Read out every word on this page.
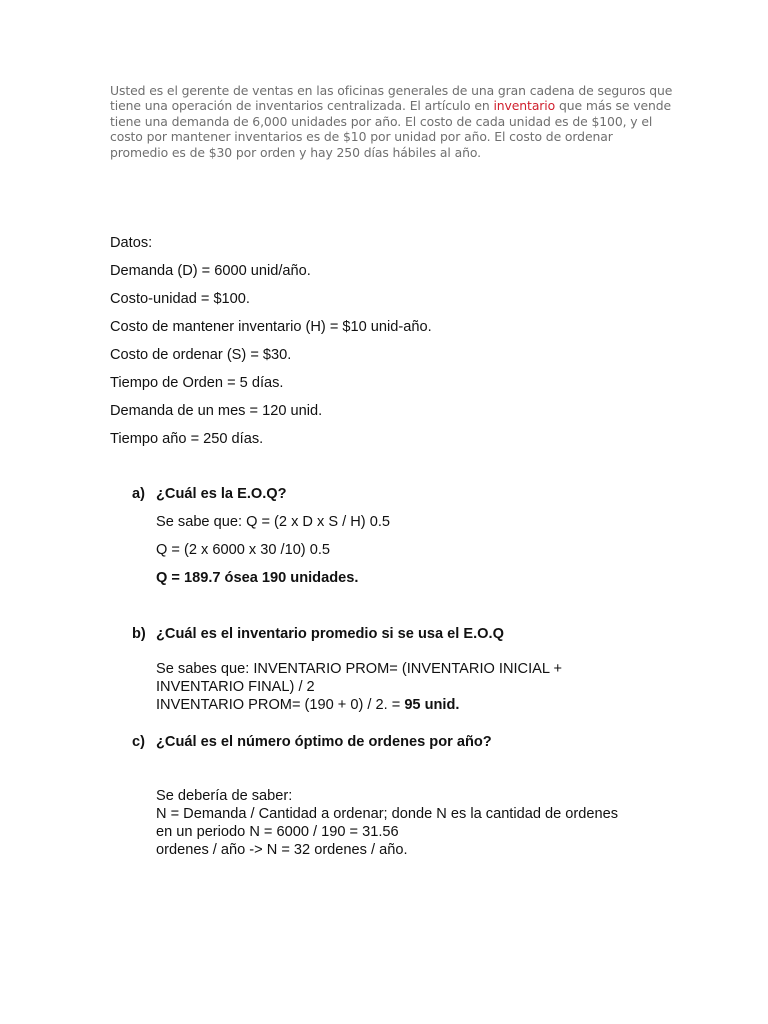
Usted es el gerente de ventas en las oficinas generales de una gran cadena de seguros que
tiene una operación de inventarios centralizada. El artículo en inventario que más se vende
tiene una demanda de 6,000 unidades por año. El costo de cada unidad es de $100, y el
costo por mantener inventarios es de $10 por unidad por año. El costo de ordenar
promedio es de $30 por orden y hay 250 días hábiles al año.
Datos:
Demanda (D) = 6000 unid/año.
Costo-unidad = $100.
Costo de mantener inventario (H) = $10 unid-año.
Costo de ordenar (S) = $30.
Tiempo de Orden = 5 días.
Demanda de un mes = 120 unid.
Tiempo año = 250 días.
a) ¿Cuál es la E.O.Q?
Se sabe que: Q = (2 x D x S / H) 0.5
Q = (2 x 6000 x 30 /10) 0.5
Q = 189.7 ósea 190 unidades.
b) ¿Cuál es el inventario promedio si se usa el E.O.Q
Se sabes que: INVENTARIO PROM= (INVENTARIO INICIAL +
INVENTARIO FINAL) / 2
INVENTARIO PROM= (190 + 0) / 2. = 95 unid.
c) ¿Cuál es el número óptimo de ordenes por año?
Se debería de saber:
N = Demanda / Cantidad a ordenar; donde N es la cantidad de ordenes
en un periodo N = 6000 / 190 = 31.56
ordenes / año -> N = 32 ordenes / año.
